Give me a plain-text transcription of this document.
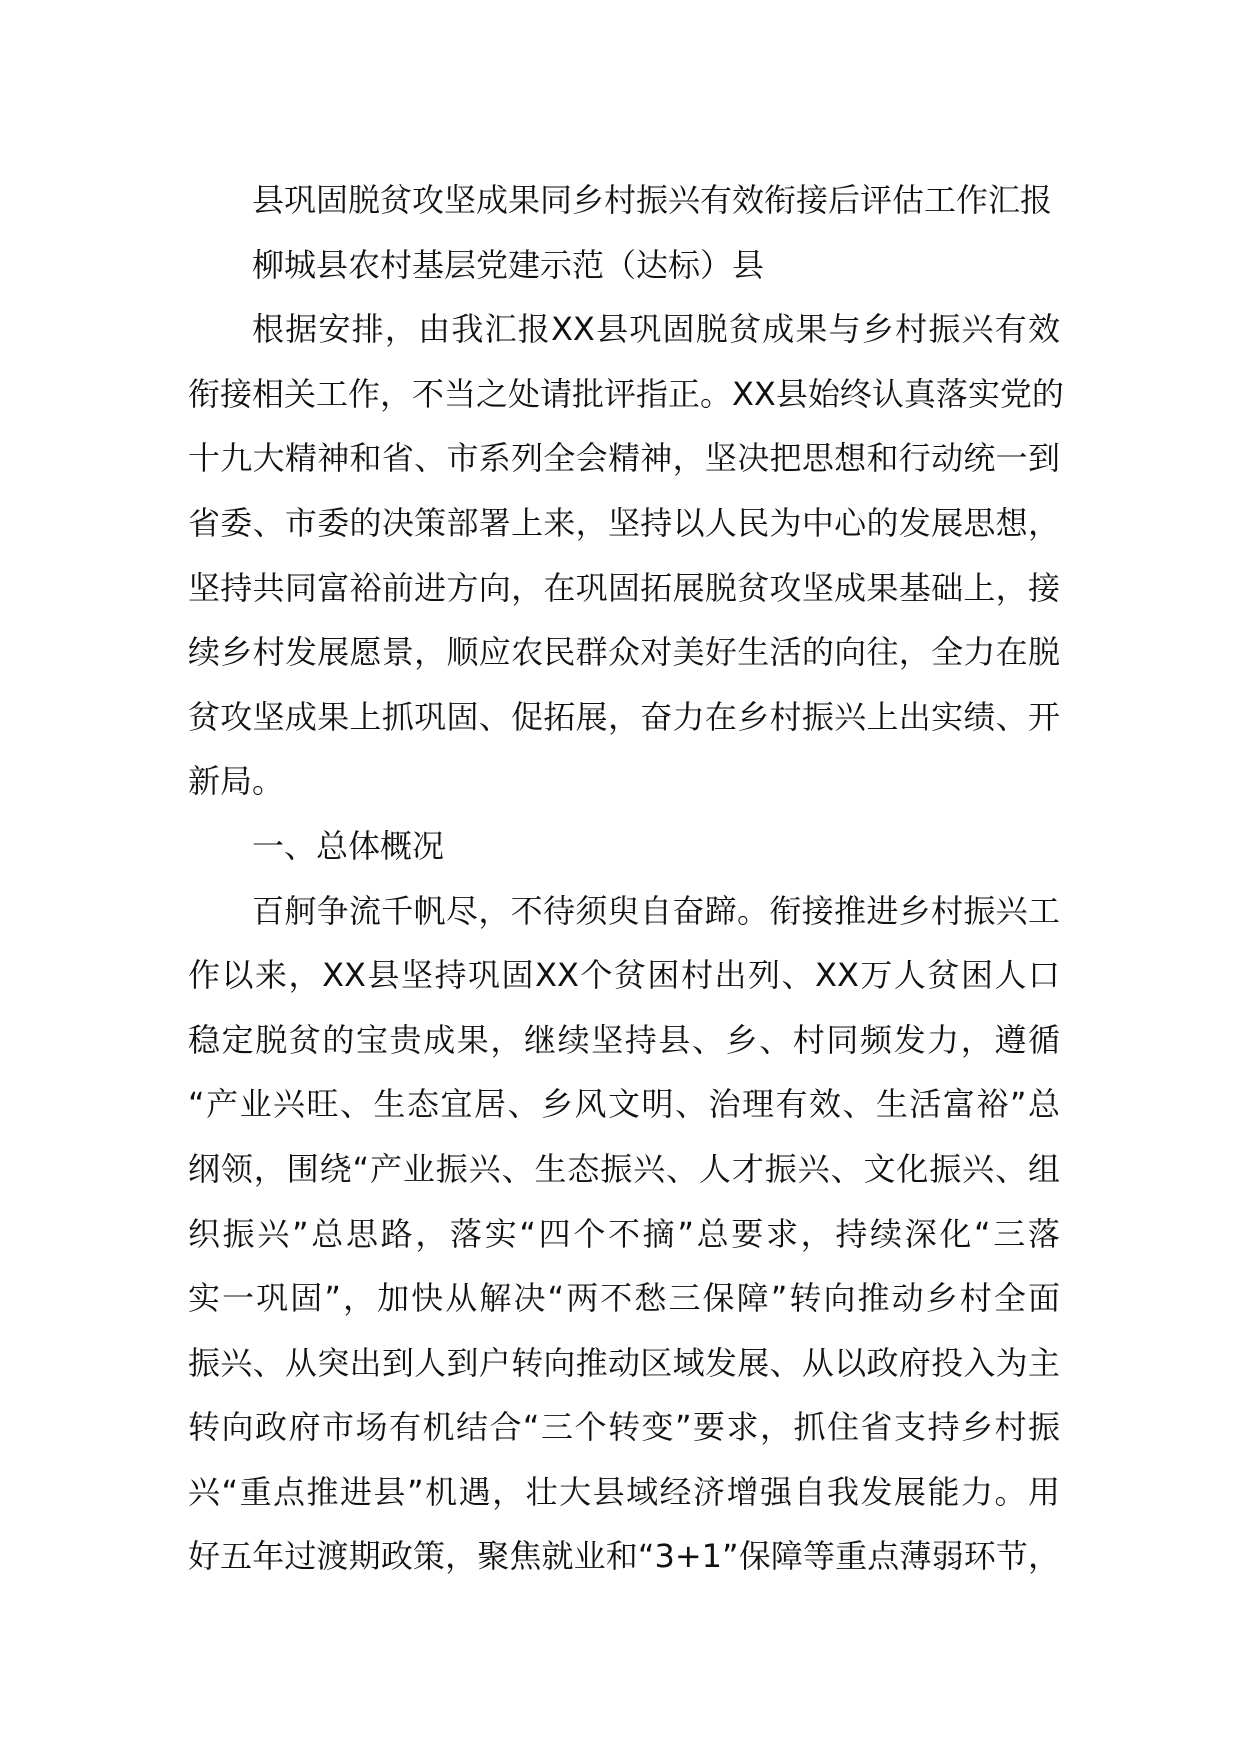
县巩固脱贫攻坚成果同乡村振兴有效衔接后评估工作汇报
柳城县农村基层党建示范（达标）县
根据安排，由我汇报XX县巩固脱贫成果与乡村振兴有效
衔接相关工作，不当之处请批评指正。XX县始终认真落实党的
十九大精神和省、市系列全会精神，坚决把思想和行动统一到
省委、市委的决策部署上来，坚持以人民为中心的发展思想，
坚持共同富裕前进方向，在巩固拓展脱贫攻坚成果基础上，接
续乡村发展愿景，顺应农民群众对美好生活的向往，全力在脱
贫攻坚成果上抓巩固、促拓展，奋力在乡村振兴上出实绩、开
新局。
一、总体概况
百舸争流千帆尽，不待须臾自奋蹄。衔接推进乡村振兴工
作以来，XX县坚持巩固XX个贫困村出列、XX万人贫困人口
稳定脱贫的宝贵成果，继续坚持县、乡、村同频发力，遵循
“产业兴旺、生态宜居、乡风文明、治理有效、生活富裕”总
纲领，围绕“产业振兴、生态振兴、人才振兴、文化振兴、组
织振兴”总思路，落实“四个不摘”总要求，持续深化“三落
实一巩固”，加快从解决“两不愁三保障”转向推动乡村全面
振兴、从突出到人到户转向推动区域发展、从以政府投入为主
转向政府市场有机结合“三个转变”要求，抓住省支持乡村振
兴“重点推进县”机遇，壮大县域经济增强自我发展能力。用
好五年过渡期政策，聚焦就业和“3+1”保障等重点薄弱环节，
